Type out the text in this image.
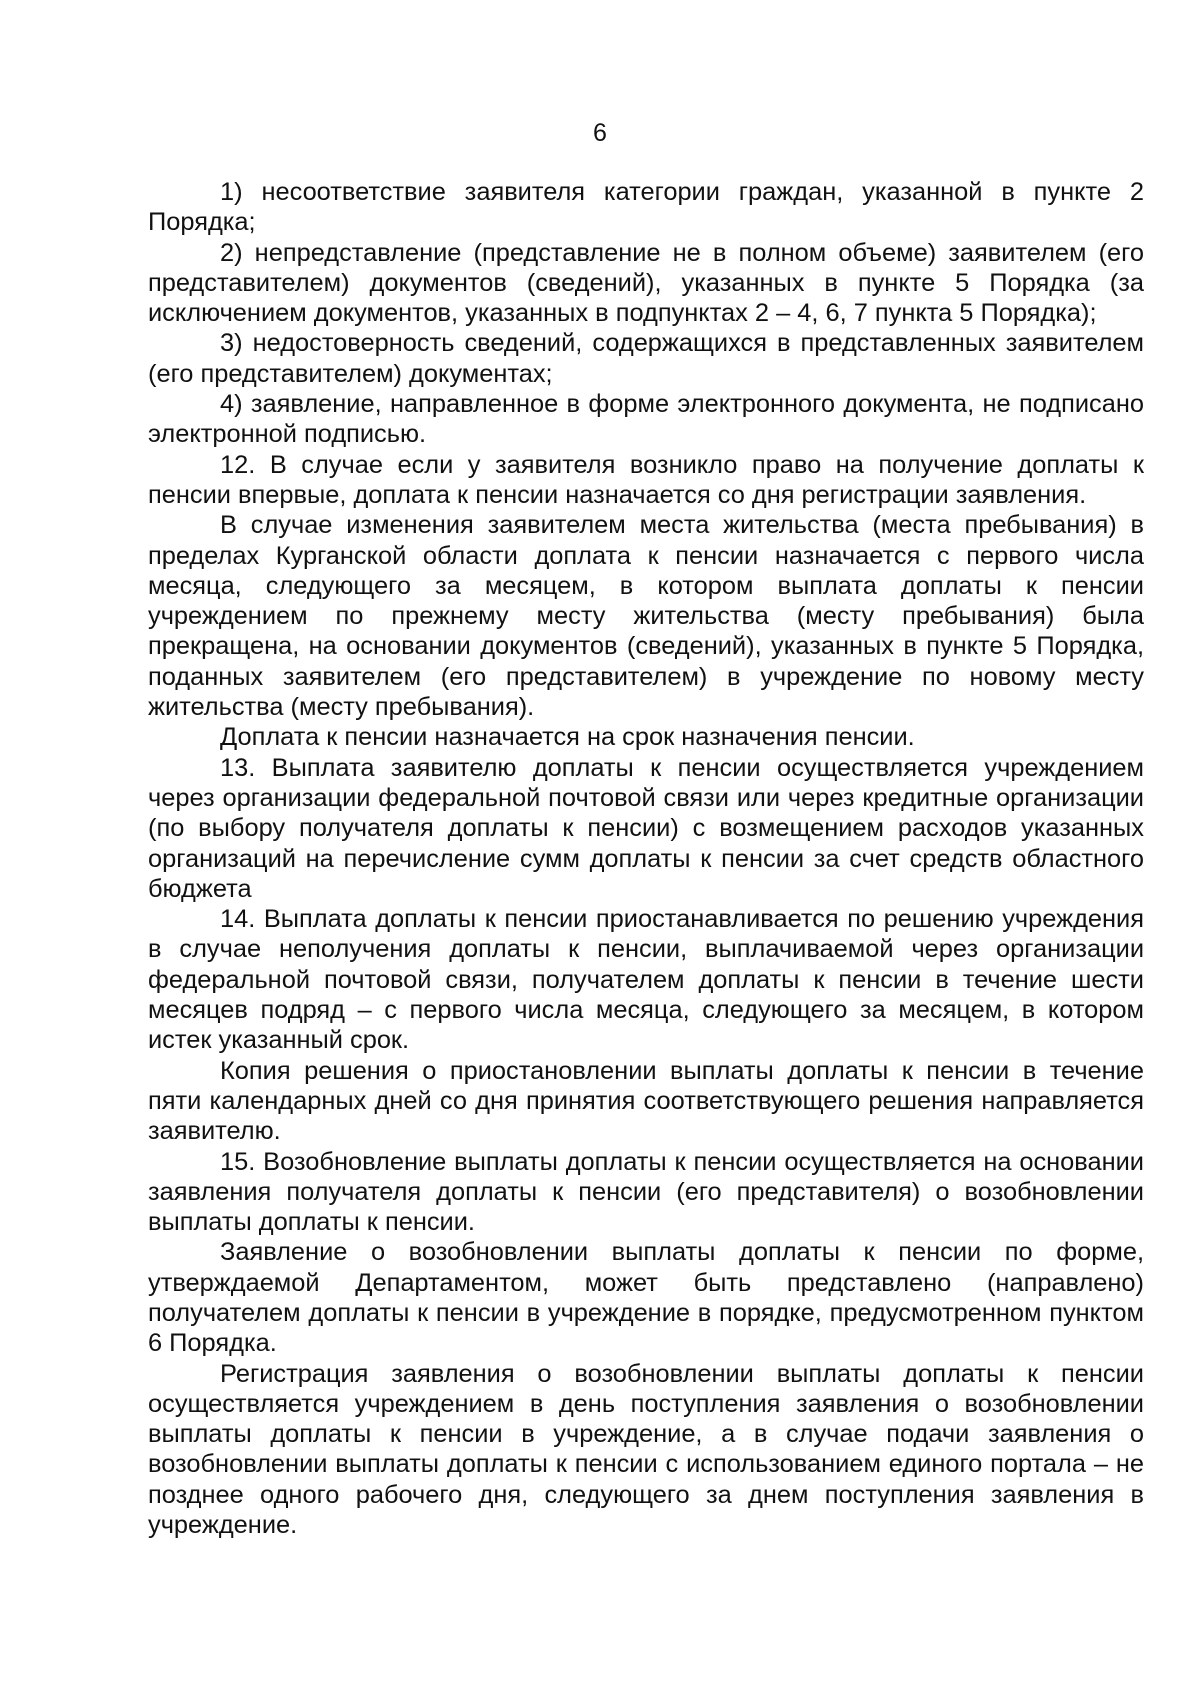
6

1) несоответствие заявителя категории граждан, указанной в пункте 2 Порядка;

2) непредставление (представление не в полном объеме) заявителем (его представителем) документов (сведений), указанных в пункте 5 Порядка (за исключением документов, указанных в подпунктах 2 – 4, 6, 7 пункта 5 Порядка);

3) недостоверность сведений, содержащихся в представленных заявителем (его представителем) документах;

4) заявление, направленное в форме электронного документа, не подписано электронной подписью.

12. В случае если у заявителя возникло право на получение доплаты к пенсии впервые, доплата к пенсии назначается со дня регистрации заявления.

В случае изменения заявителем места жительства (места пребывания) в пределах Курганской области доплата к пенсии назначается с первого числа месяца, следующего за месяцем, в котором выплата доплаты к пенсии учреждением по прежнему месту жительства (месту пребывания) была прекращена, на основании документов (сведений), указанных в пункте 5 Порядка, поданных заявителем (его представителем) в учреждение по новому месту жительства (месту пребывания).

Доплата к пенсии назначается на срок назначения пенсии.

13. Выплата заявителю доплаты к пенсии осуществляется учреждением через организации федеральной почтовой связи или через кредитные организации (по выбору получателя доплаты к пенсии) с возмещением расходов указанных организаций на перечисление сумм доплаты к пенсии за счет средств областного бюджета

14. Выплата доплаты к пенсии приостанавливается по решению учреждения в случае неполучения доплаты к пенсии, выплачиваемой через организации федеральной почтовой связи, получателем доплаты к пенсии в течение шести месяцев подряд – с первого числа месяца, следующего за месяцем, в котором истек указанный срок.

Копия решения о приостановлении выплаты доплаты к пенсии в течение пяти календарных дней со дня принятия соответствующего решения направляется заявителю.

15. Возобновление выплаты доплаты к пенсии осуществляется на основании заявления получателя доплаты к пенсии (его представителя) о возобновлении выплаты доплаты к пенсии.

Заявление о возобновлении выплаты доплаты к пенсии по форме, утверждаемой Департаментом, может быть представлено (направлено) получателем доплаты к пенсии в учреждение в порядке, предусмотренном пунктом 6 Порядка.

Регистрация заявления о возобновлении выплаты доплаты к пенсии осуществляется учреждением в день поступления заявления о возобновлении выплаты доплаты к пенсии в учреждение, а в случае подачи заявления о возобновлении выплаты доплаты к пенсии с использованием единого портала – не позднее одного рабочего дня, следующего за днем поступления заявления в учреждение.
